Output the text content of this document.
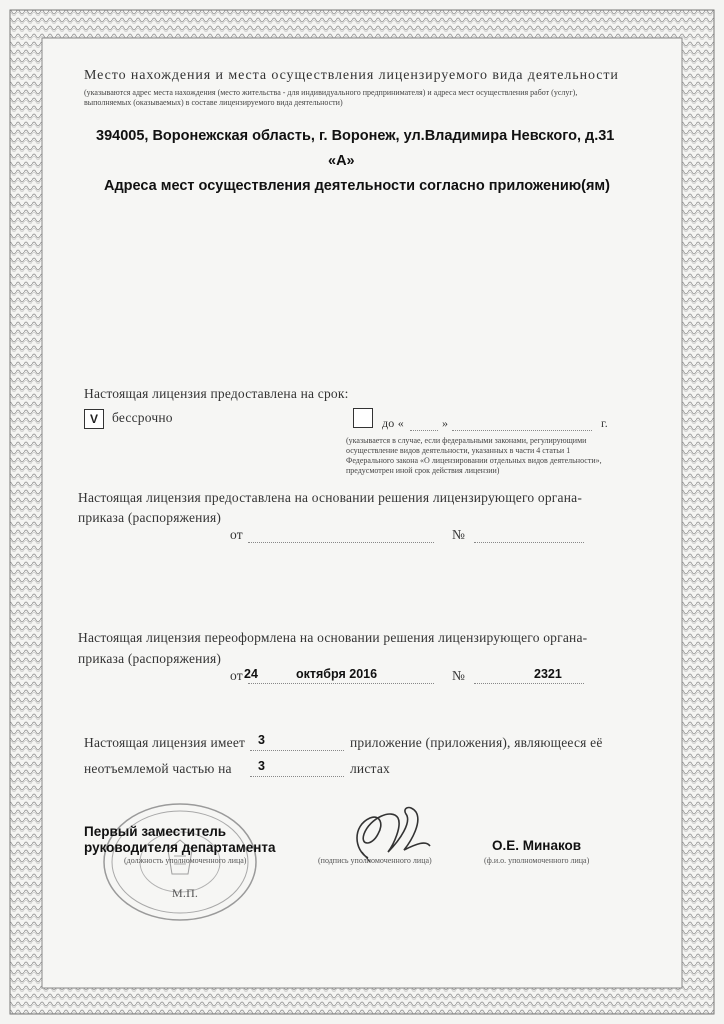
Место нахождения и места осуществления лицензируемого вида деятельности
(указываются адрес места нахождения (место жительства - для индивидуального предпринимателя) и адреса мест осуществления работ (услуг),
выполняемых (оказываемых) в составе лицензируемого вида деятельности)
394005, Воронежская область, г. Воронеж, ул.Владимира Невского, д.31
«А»
Адреса мест осуществления деятельности согласно приложению(ям)
Настоящая лицензия предоставлена на срок:
V	бессрочно	до «	»	г.
(указывается в случае, если федеральными законами, регулирующими
осуществление видов деятельности, указанных в части 4 статьи 1
Федерального закона «О лицензировании отдельных видов деятельности»,
предусмотрен иной срок действия лицензии)
Настоящая лицензия предоставлена на основании решения лицензирующего органа-
приказа (распоряжения)
от	№
Настоящая лицензия переоформлена на основании решения лицензирующего органа-
приказа (распоряжения)
от 24	октября 2016	№	2321
Настоящая лицензия имеет 3	приложение (приложения), являющееся её
неотъемлемой частью на 3	листах
Первый заместитель
руководителя департамента
(должность уполномоченного лица)	(подпись уполномоченного лица)
О.Е. Минаков
(ф.и.о. уполномоченного лица)
М.П.
